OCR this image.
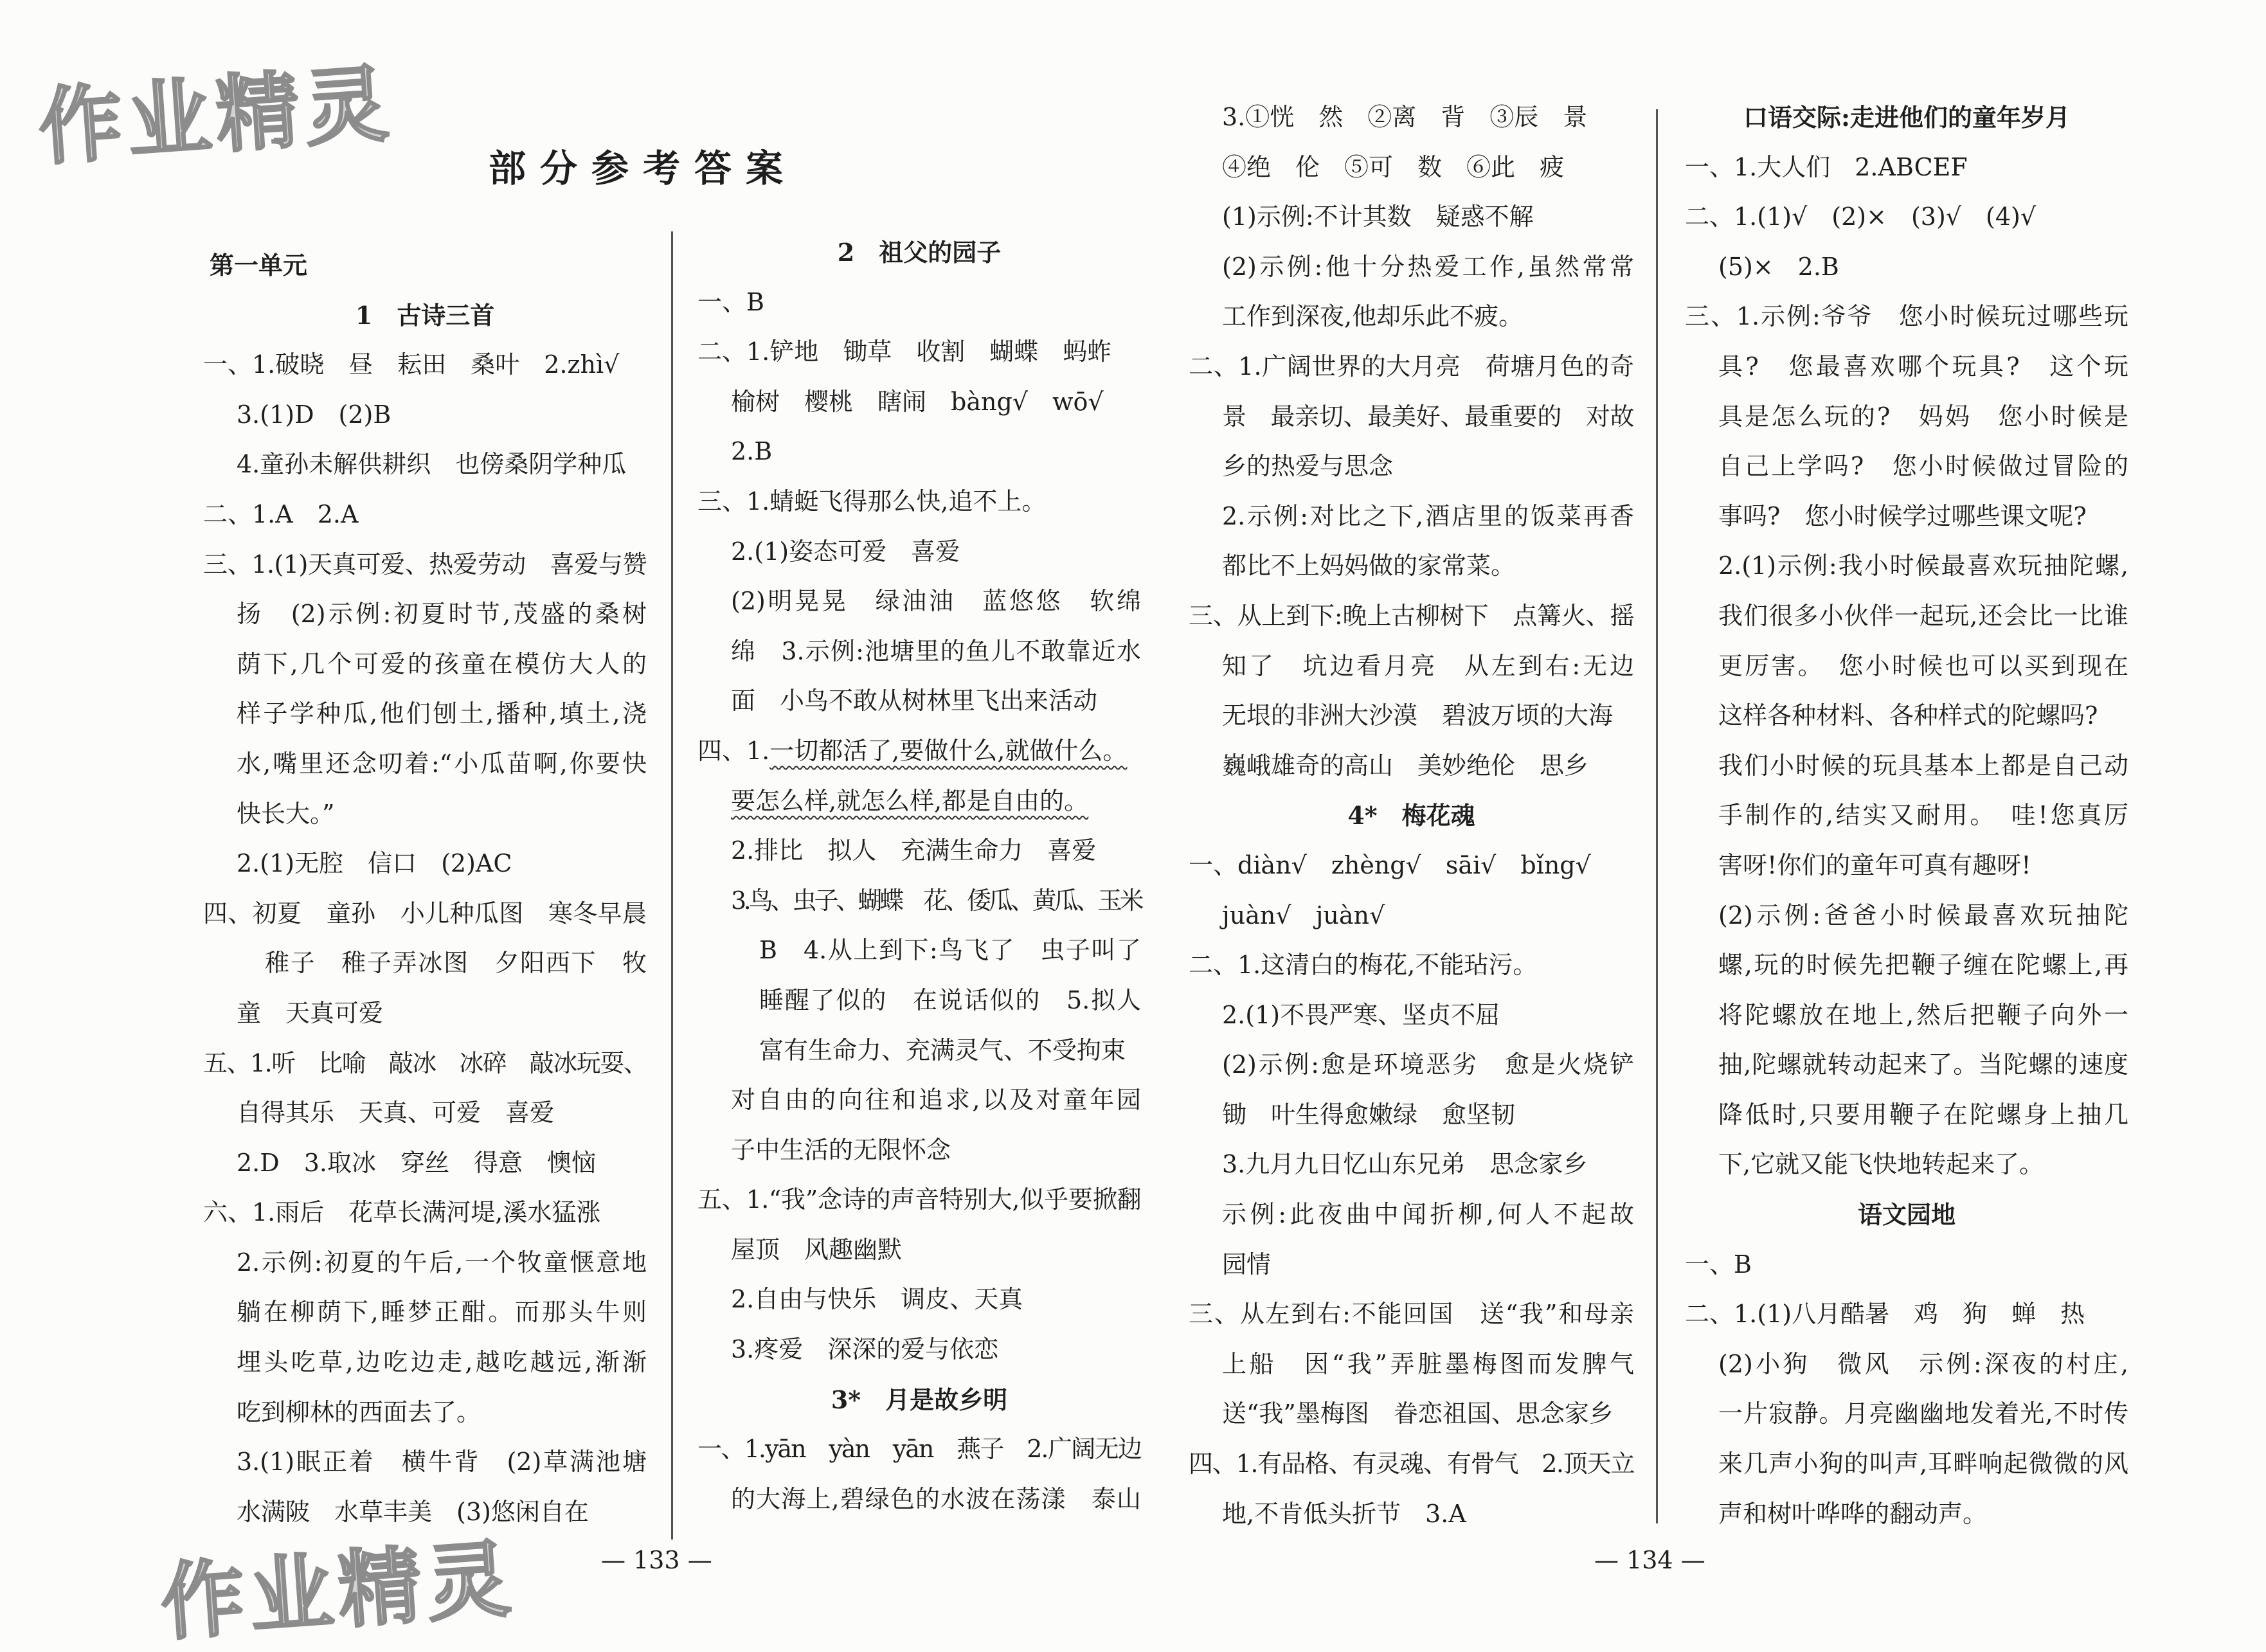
部分参考答案
第一单元
1　古诗三首
一、1.破晓　昼　耘田　桑叶　2.zhì√
3.(1)D　(2)B
4.童孙未解供耕织　也傍桑阴学种瓜
二、1.A　2.A
三、1.(1)天真可爱、热爱劳动　喜爱与赞
扬　(2)示例:初夏时节,茂盛的桑树
荫下,几个可爱的孩童在模仿大人的
样子学种瓜,他们刨土,播种,填土,浇
水,嘴里还念叨着:“小瓜苗啊,你要快
快长大。”
2.(1)无腔　信口　(2)AC
四、初夏　童孙　小儿种瓜图　寒冬早晨
稚子　稚子弄冰图　夕阳西下　牧
童　天真可爱
五、1.听　比喻　敲冰　冰碎　敲冰玩耍、
自得其乐　天真、可爱　喜爱
2.D　3.取冰　穿丝　得意　懊恼
六、1.雨后　花草长满河堤,溪水猛涨
2.示例:初夏的午后,一个牧童惬意地
躺在柳荫下,睡梦正酣。而那头牛则
埋头吃草,边吃边走,越吃越远,渐渐
吃到柳林的西面去了。
3.(1)眠正着　横牛背　(2)草满池塘
水满陂　水草丰美　(3)悠闲自在
2　祖父的园子
一、B
二、1.铲地　锄草　收割　蝴蝶　蚂蚱
榆树　樱桃　瞎闹　bàng√　wō√
2.B
三、1.蜻蜓飞得那么快,追不上。
2.(1)姿态可爱　喜爱
(2)明晃晃　绿油油　蓝悠悠　软绵
绵　3.示例:池塘里的鱼儿不敢靠近水
面　小鸟不敢从树林里飞出来活动
四、1.一切都活了,要做什么,就做什么。
要怎么样,就怎么样,都是自由的。
2.排比　拟人　充满生命力　喜爱
3.鸟、虫子、蝴蝶　花、倭瓜、黄瓜、玉米
B　4.从上到下:鸟飞了　虫子叫了
睡醒了似的　在说话似的　5.拟人
富有生命力、充满灵气、不受拘束
对自由的向往和追求,以及对童年园
子中生活的无限怀念
五、1.“我”念诗的声音特别大,似乎要掀翻
屋顶　风趣幽默
2.自由与快乐　调皮、天真
3.疼爱　深深的爱与依恋
3*　月是故乡明
一、1.yān　yàn　yān　燕子　2.广阔无边
的大海上,碧绿色的水波在荡漾　泰山
3.①恍　然　②离　背　③辰　景
④绝　伦　⑤可　数　⑥此　疲
(1)示例:不计其数　疑惑不解
(2)示例:他十分热爱工作,虽然常常
工作到深夜,他却乐此不疲。
二、1.广阔世界的大月亮　荷塘月色的奇
景　最亲切、最美好、最重要的　对故
乡的热爱与思念
2.示例:对比之下,酒店里的饭菜再香
都比不上妈妈做的家常菜。
三、从上到下:晚上古柳树下　点篝火、摇
知了　坑边看月亮　从左到右:无边
无垠的非洲大沙漠　碧波万顷的大海
巍峨雄奇的高山　美妙绝伦　思乡
4*　梅花魂
一、diàn√　zhèng√　sāi√　bǐng√
juàn√　juàn√
二、1.这清白的梅花,不能玷污。
2.(1)不畏严寒、坚贞不屈
(2)示例:愈是环境恶劣　愈是火烧铲
锄　叶生得愈嫩绿　愈坚韧
3.九月九日忆山东兄弟　思念家乡
示例:此夜曲中闻折柳,何人不起故
园情
三、从左到右:不能回国　送“我”和母亲
上船　因“我”弄脏墨梅图而发脾气
送“我”墨梅图　眷恋祖国、思念家乡
四、1.有品格、有灵魂、有骨气　2.顶天立
地,不肯低头折节　3.A
口语交际:走进他们的童年岁月
一、1.大人们　2.ABCEF
二、1.(1)√　(2)×　(3)√　(4)√
(5)×　2.B
三、1.示例:爷爷　您小时候玩过哪些玩
具?　您最喜欢哪个玩具?　这个玩
具是怎么玩的?　妈妈　您小时候是
自己上学吗?　您小时候做过冒险的
事吗?　您小时候学过哪些课文呢?
2.(1)示例:我小时候最喜欢玩抽陀螺,
我们很多小伙伴一起玩,还会比一比谁
更厉害。　您小时候也可以买到现在
这样各种材料、各种样式的陀螺吗?
我们小时候的玩具基本上都是自己动
手制作的,结实又耐用。　哇!您真厉
害呀!你们的童年可真有趣呀!
(2)示例:爸爸小时候最喜欢玩抽陀
螺,玩的时候先把鞭子缠在陀螺上,再
将陀螺放在地上,然后把鞭子向外一
抽,陀螺就转动起来了。当陀螺的速度
降低时,只要用鞭子在陀螺身上抽几
下,它就又能飞快地转起来了。
语文园地
一、B
二、1.(1)八月酷暑　鸡　狗　蝉　热
(2)小狗　微风　示例:深夜的村庄,
一片寂静。月亮幽幽地发着光,不时传
来几声小狗的叫声,耳畔响起微微的风
声和树叶哗哗的翻动声。
— 133 —	— 134 —
作业精灵
作业精灵
